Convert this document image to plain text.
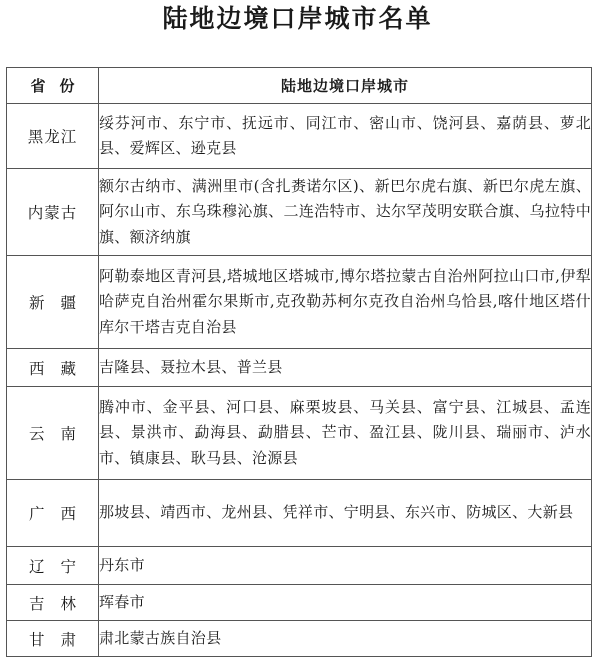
陆地边境口岸城市名单
省份	陆地边境口岸城市
黑龙江	绥芬河市、东宁市、抚远市、同江市、密山市、饶河县、嘉荫县、萝北县、爱辉区、逊克县
内蒙古	额尔古纳市、满洲里市(含扎赉诺尔区)、新巴尔虎右旗、新巴尔虎左旗、阿尔山市、东乌珠穆沁旗、二连浩特市、达尔罕茂明安联合旗、乌拉特中旗、额济纳旗
新疆	阿勒泰地区青河县,塔城地区塔城市,博尔塔拉蒙古自治州阿拉山口市,伊犁哈萨克自治州霍尔果斯市,克孜勒苏柯尔克孜自治州乌恰县,喀什地区塔什库尔干塔吉克自治县
西藏	吉隆县、聂拉木县、普兰县
云南	腾冲市、金平县、河口县、麻栗坡县、马关县、富宁县、江城县、孟连县、景洪市、勐海县、勐腊县、芒市、盈江县、陇川县、瑞丽市、泸水市、镇康县、耿马县、沧源县
广西	那坡县、靖西市、龙州县、凭祥市、宁明县、东兴市、防城区、大新县
辽宁	丹东市
吉林	珲春市
甘肃	肃北蒙古族自治县
